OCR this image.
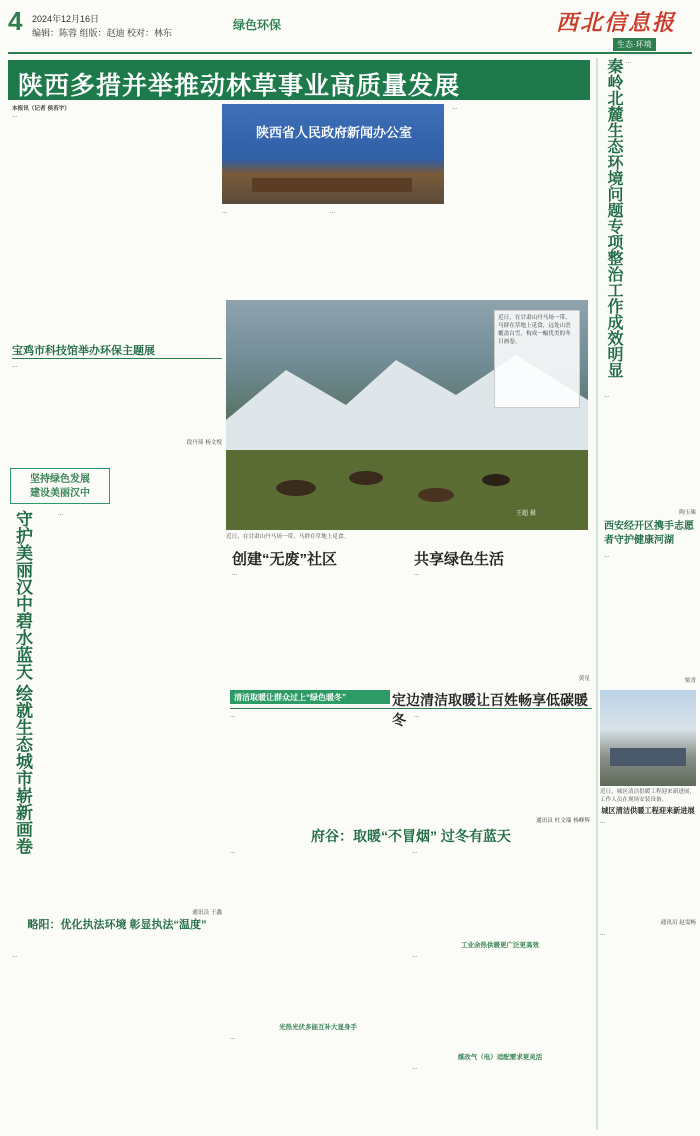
4 2024年12月16日
编辑：陈蓉 组版：赵迪 校对：林东
绿色环保	西北信息报
生态·环境
陕西多措并举推动林草事业高质量发展
本报讯（记者 侯若宇）
…
陕西省人民政府新闻办公室
…
…
…
宝鸡市科技馆举办环保主题展
…
段丹琦 杨文悦
近日，在甘肃山丹马场一带，马群在草地上觅食，远处山峦覆盖白雪，构成一幅优美的冬日画卷。
王超 摄
近日，在甘肃山丹马场一带，马群在草地上觅食。
坚持绿色发展
建设美丽汉中
守护美丽汉中碧水蓝天 绘就生态城市崭新画卷	…
通讯员 王鑫
略阳：优化执法环境 彰显执法“温度”
…
创建“无废”社区
…
共享绿色生活
…
黄星
清洁取暖让群众过上“绿色暖冬”	定边清洁取暖让百姓畅享低碳暖冬
…	…
通讯员 杜文瑞 杨峰辉
府谷：取暖“不冒烟” 过冬有蓝天
…
光热光伏多能互补大显身手
…
…
工业余热供暖更广泛更高效
…
煤改气（电）适配需求更灵活
…
秦岭北麓生态环境问题专项整治工作成效明显 …
…
陶玉珠
西安经开区携手志愿者守护健康河湖
…
梁青
近日，城区清洁供暖工程迎来新进展，工作人员在现场安装设备。
城区清洁供暖工程迎来新进展
…
通讯员 赵雯畅
…
